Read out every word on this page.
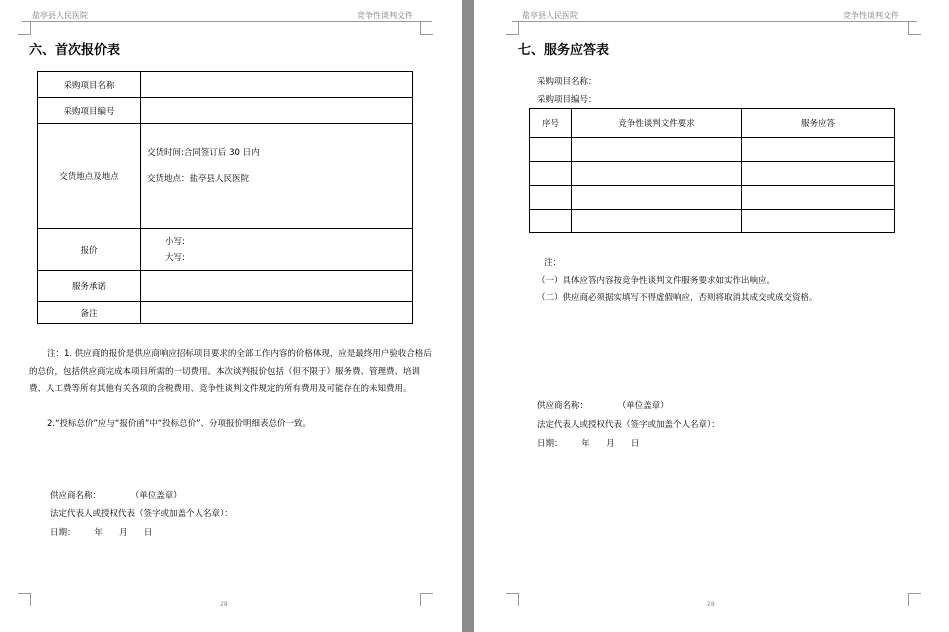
盐亭县人民医院	竞争性谈判文件
六、首次报价表
采购项目名称	
采购项目编号	
交货地点及地点	交货时间:合同签订后 30 日内
交货地点：盐亭县人民医院

报价	小写:
大写:

服务承诺	
备注	
注：1. 供应商的报价是供应商响应招标项目要求的全部工作内容的价格体现，应是最终用户验收合格后的总价，包括供应商完成本项目所需的一切费用。本次谈判报价包括（但不限于）服务费、管理费、培训费、人工费等所有其他有关各项的含税费用、竞争性谈判文件规定的所有费用及可能存在的未知费用。
2.“投标总价”应与“报价函”中“投标总价”、分项报价明细表总价一致。
供应商名称：           （单位盖章）
法定代表人或授权代表（签字或加盖个人名章）：
日期：       年      月      日
28
盐亭县人民医院	竞争性谈判文件
七、服务应答表
采购项目名称：
采购项目编号：
序号	竞争性谈判文件要求	服务应答

注：
（一）具体应答内容按竞争性谈判文件服务要求如实作出响应。
（二）供应商必须据实填写不得虚假响应，否则将取消其成交或成交资格。
供应商名称：           （单位盖章）
法定代表人或授权代表（签字或加盖个人名章）：
日期：       年      月      日
28
